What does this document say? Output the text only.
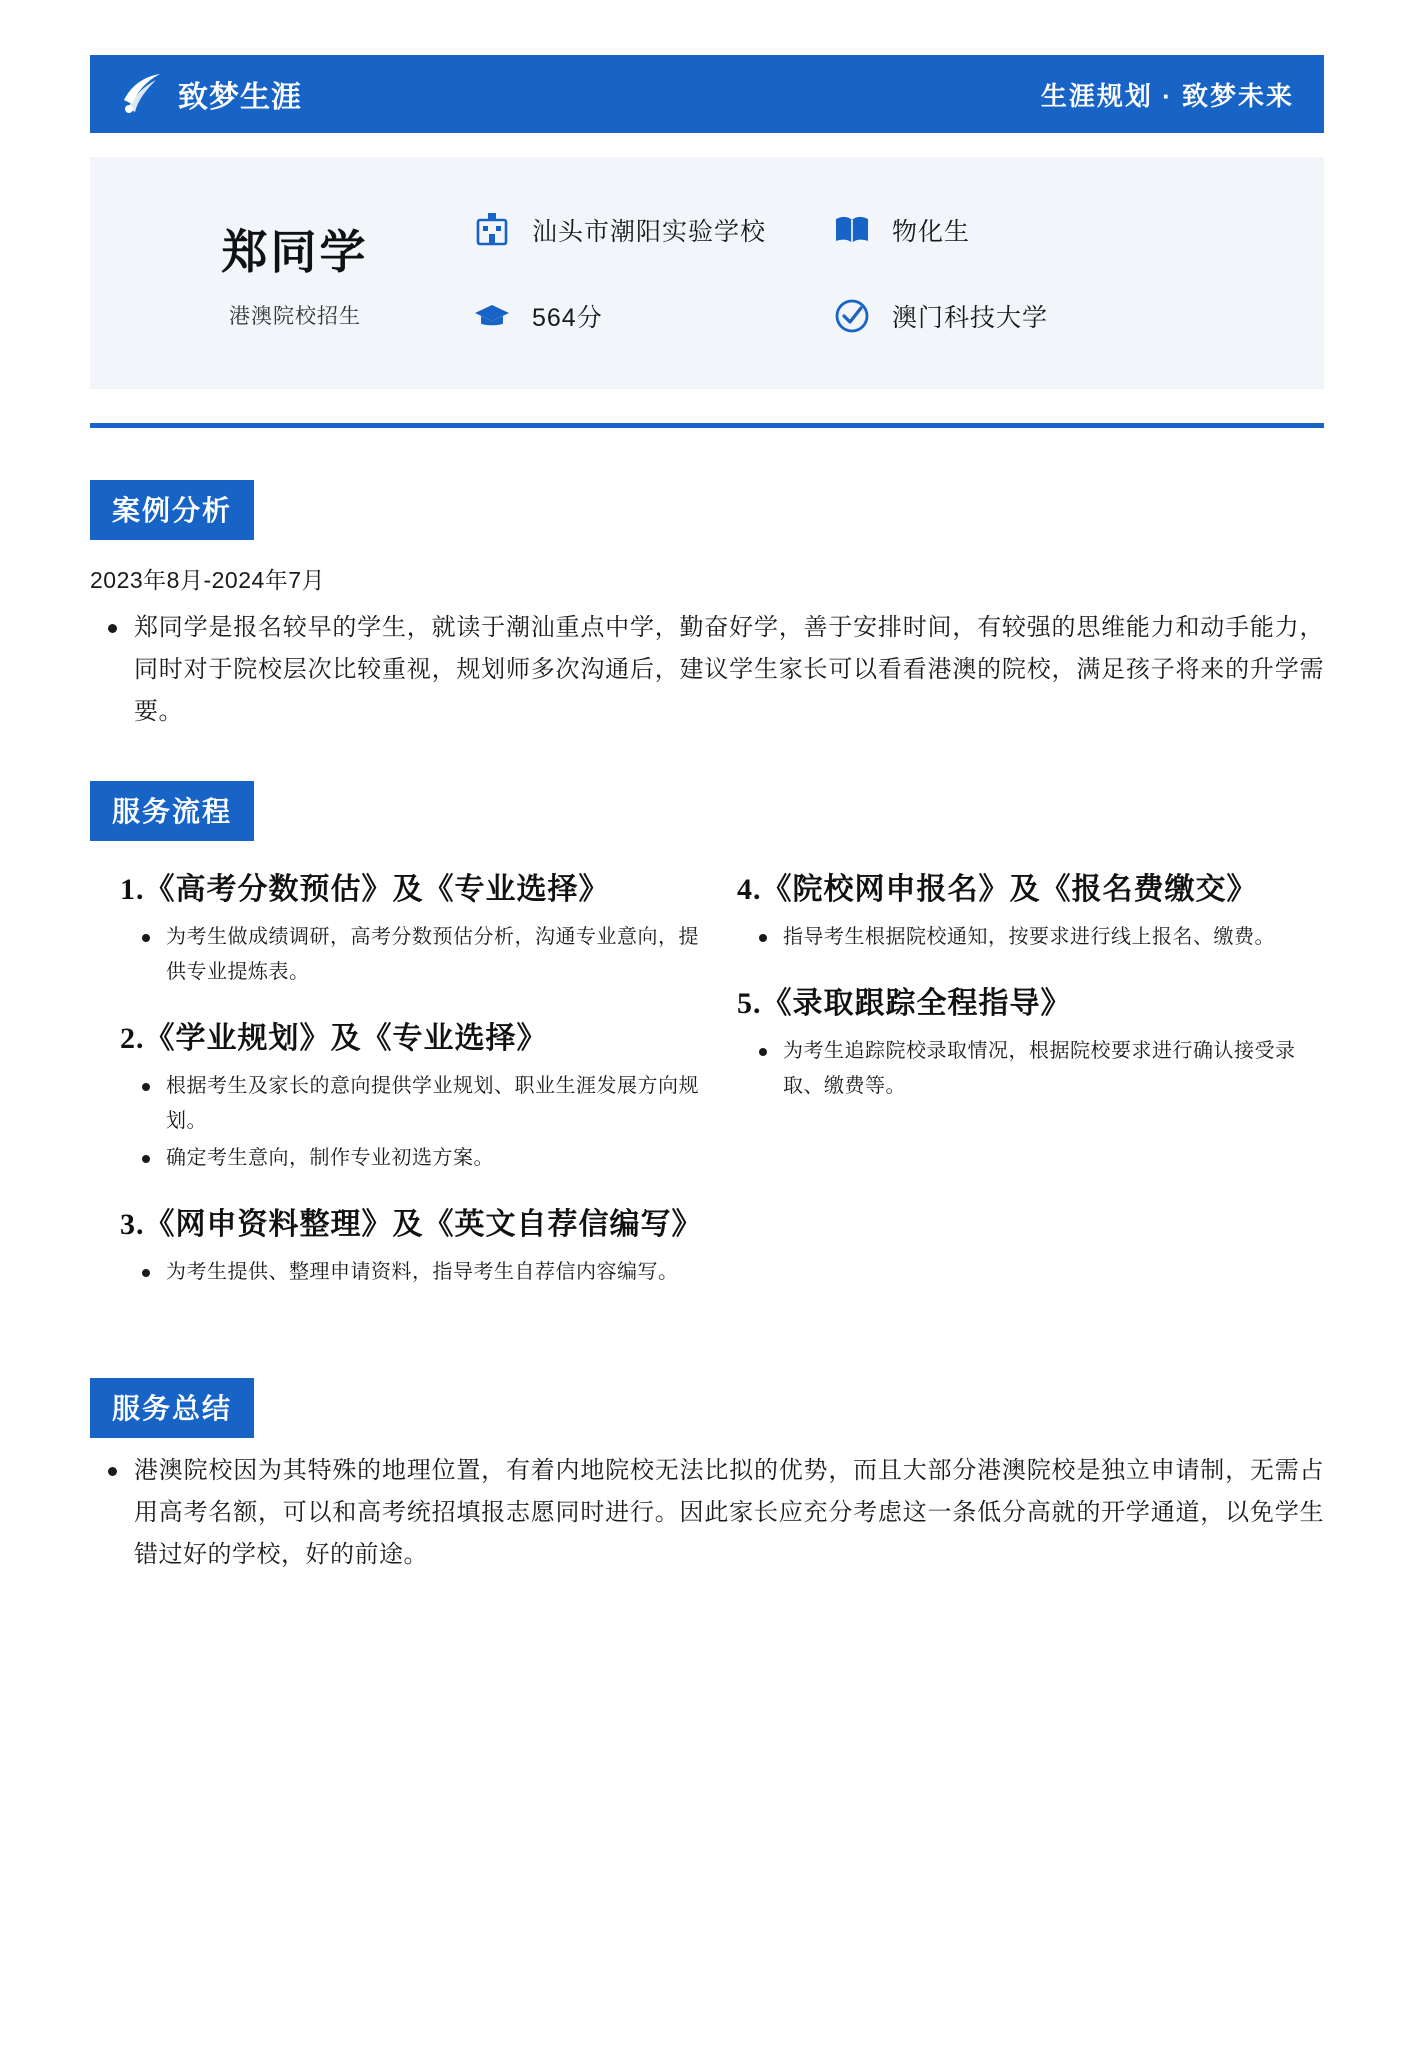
致梦生涯	生涯规划 · 致梦未来
郑同学
港澳院校招生
汕头市潮阳实验学校	物化生
564分	澳门科技大学
案例分析
2023年8月-2024年7月
郑同学是报名较早的学生，就读于潮汕重点中学，勤奋好学，善于安排时间，有较强的思维能力和动手能力，同时对于院校层次比较重视，规划师多次沟通后，建议学生家长可以看看港澳的院校，满足孩子将来的升学需要。
服务流程
1.《高考分数预估》及《专业选择》
为考生做成绩调研，高考分数预估分析，沟通专业意向，提供专业提炼表。
2.《学业规划》及《专业选择》
根据考生及家长的意向提供学业规划、职业生涯发展方向规划。
确定考生意向，制作专业初选方案。
3.《网申资料整理》及《英文自荐信编写》
为考生提供、整理申请资料，指导考生自荐信内容编写。
4.《院校网申报名》及《报名费缴交》
指导考生根据院校通知，按要求进行线上报名、缴费。
5.《录取跟踪全程指导》
为考生追踪院校录取情况，根据院校要求进行确认接受录取、缴费等。
服务总结
港澳院校因为其特殊的地理位置，有着内地院校无法比拟的优势，而且大部分港澳院校是独立申请制，无需占用高考名额，可以和高考统招填报志愿同时进行。因此家长应充分考虑这一条低分高就的开学通道，以免学生错过好的学校，好的前途。
